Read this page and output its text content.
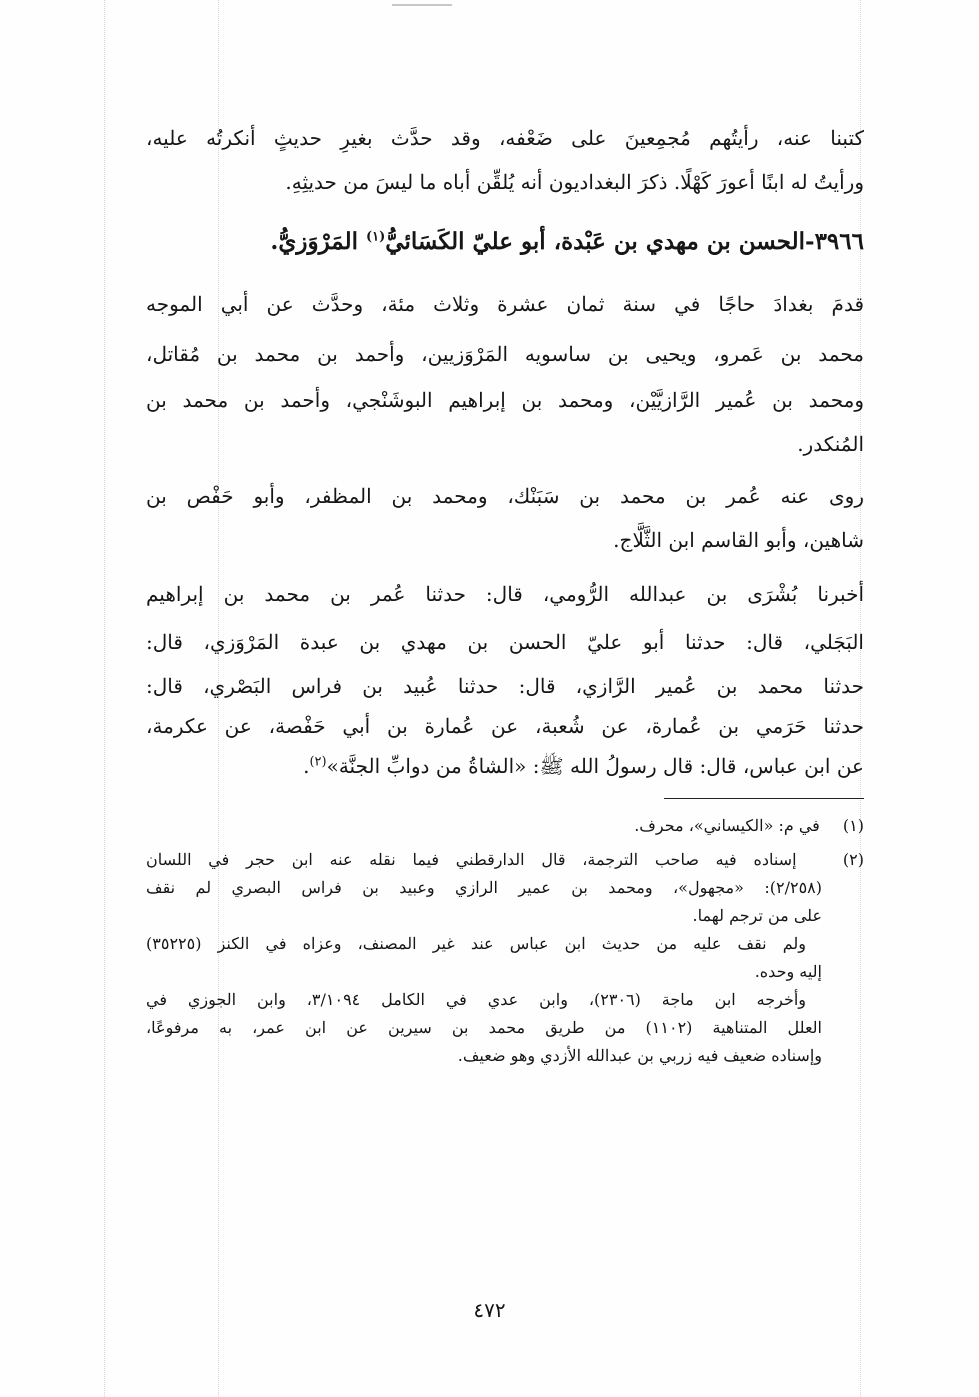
كتبنا عنه، رأيتُهم مُجمِعينَ على ضَعْفه، وقد حدَّث بغيرِ حديثٍ أنكرتُه عليه،
ورأيتُ له ابنًا أعورَ كَهْلًا. ذكرَ البغداديون أنه يُلقِّن أباه ما ليسَ من حديثِهِ.
٣٩٦٦-الحسن بن مهدي بن عَبْدة، أبو عليّ الكَسَائيُّ$^{(١)}$ المَرْوَزيُّ.
قدمَ بغدادَ حاجًا في سنة ثمان عشرة وثلاث مئة، وحدَّث عن أبي الموجه
محمد بن عَمرو، ويحيى بن ساسويه المَرْوَزيين، وأحمد بن محمد بن مُقاتل،
ومحمد بن عُمير الرَّازيَّيْن، ومحمد بن إبراهيم البوشَنْجي، وأحمد بن محمد بن
المُنكدر.
روى عنه عُمر بن محمد بن سَبَنْك، ومحمد بن المظفر، وأبو حَفْص بن
شاهين، وأبو القاسم ابن الثَّلَّاج.
أخبرنا بُشْرَى بن عبدالله الرُّومي، قال: حدثنا عُمر بن محمد بن إبراهيم
البَجَلي، قال: حدثنا أبو عليّ الحسن بن مهدي بن عبدة المَرْوَزي، قال:
حدثنا محمد بن عُمير الرَّازي، قال: حدثنا عُبيد بن فراس البَصْري، قال:
حدثنا حَرَمي بن عُمارة، عن شُعبة، عن عُمارة بن أبي حَفْصة، عن عكرمة،
عن ابن عباس، قال: قال رسولُ الله ﷺ: «الشاةُ من دوابِّ الجنَّة»$^{(٢)}$.
(١)  في م: «الكيساني»، محرف.
(٢)  إسناده فيه صاحب الترجمة، قال الدارقطني فيما نقله عنه ابن حجر في اللسان
(٢/٢٥٨): «مجهول»، ومحمد بن عمير الرازي وعبيد بن فراس البصري لم نقف
على من ترجم لهما.
ولم نقف عليه من حديث ابن عباس عند غير المصنف، وعزاه في الكنز (٣٥٢٢٥)
إليه وحده.
وأخرجه ابن ماجة (٢٣٠٦)، وابن عدي في الكامل ٣/١٠٩٤، وابن الجوزي في
العلل المتناهية (١١٠٢) من طريق محمد بن سيرين عن ابن عمر، به مرفوعًا،
وإسناده ضعيف فيه زربي بن عبدالله الأزدي وهو ضعيف.
٤٧٢
